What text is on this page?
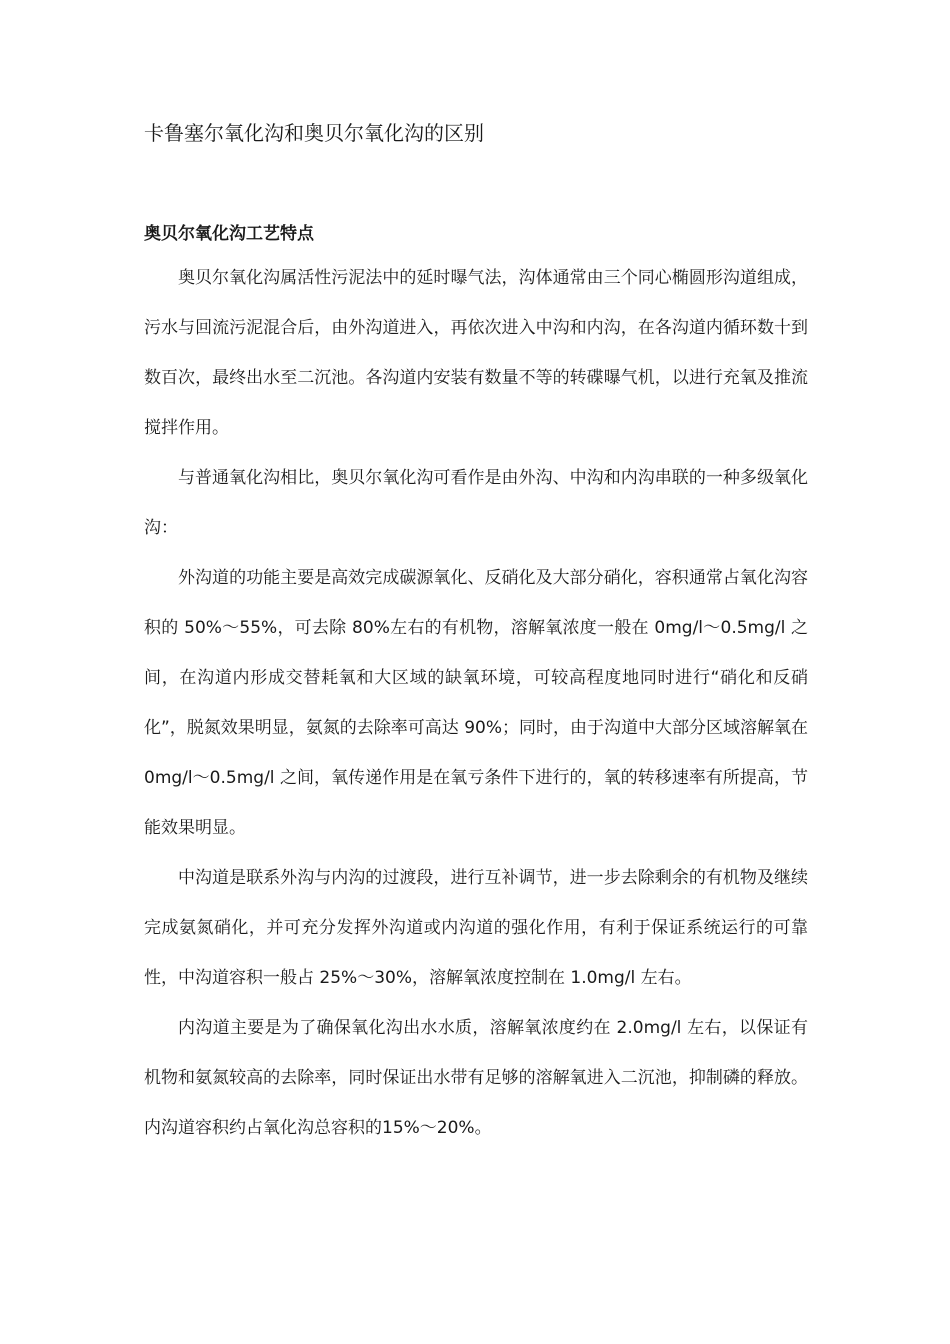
卡鲁塞尔氧化沟和奥贝尔氧化沟的区别
奥贝尔氧化沟工艺特点

奥贝尔氧化沟属活性污泥法中的延时曝气法，沟体通常由三个同心椭圆形沟道组成，污水与回流污泥混合后，由外沟道进入，再依次进入中沟和内沟，在各沟道内循环数十到数百次，最终出水至二沉池。各沟道内安装有数量不等的转碟曝气机，以进行充氧及推流搅拌作用。

与普通氧化沟相比，奥贝尔氧化沟可看作是由外沟、中沟和内沟串联的一种多级氧化沟：

外沟道的功能主要是高效完成碳源氧化、反硝化及大部分硝化，容积通常占氧化沟容积的 50%～55%，可去除 80%左右的有机物，溶解氧浓度一般在 0mg/l～0.5mg/l 之间，在沟道内形成交替耗氧和大区域的缺氧环境，可较高程度地同时进行“硝化和反硝化”，脱氮效果明显，氨氮的去除率可高达 90%；同时，由于沟道中大部分区域溶解氧在 0mg/l～0.5mg/l 之间，氧传递作用是在氧亏条件下进行的，氧的转移速率有所提高，节能效果明显。

中沟道是联系外沟与内沟的过渡段，进行互补调节，进一步去除剩余的有机物及继续完成氨氮硝化，并可充分发挥外沟道或内沟道的强化作用，有利于保证系统运行的可靠性，中沟道容积一般占 25%～30%，溶解氧浓度控制在 1.0mg/l 左右。

内沟道主要是为了确保氧化沟出水水质，溶解氧浓度约在 2.0mg/l 左右，以保证有机物和氨氮较高的去除率，同时保证出水带有足够的溶解氧进入二沉池，抑制磷的释放。内沟道容积约占氧化沟总容积的15%～20%。
